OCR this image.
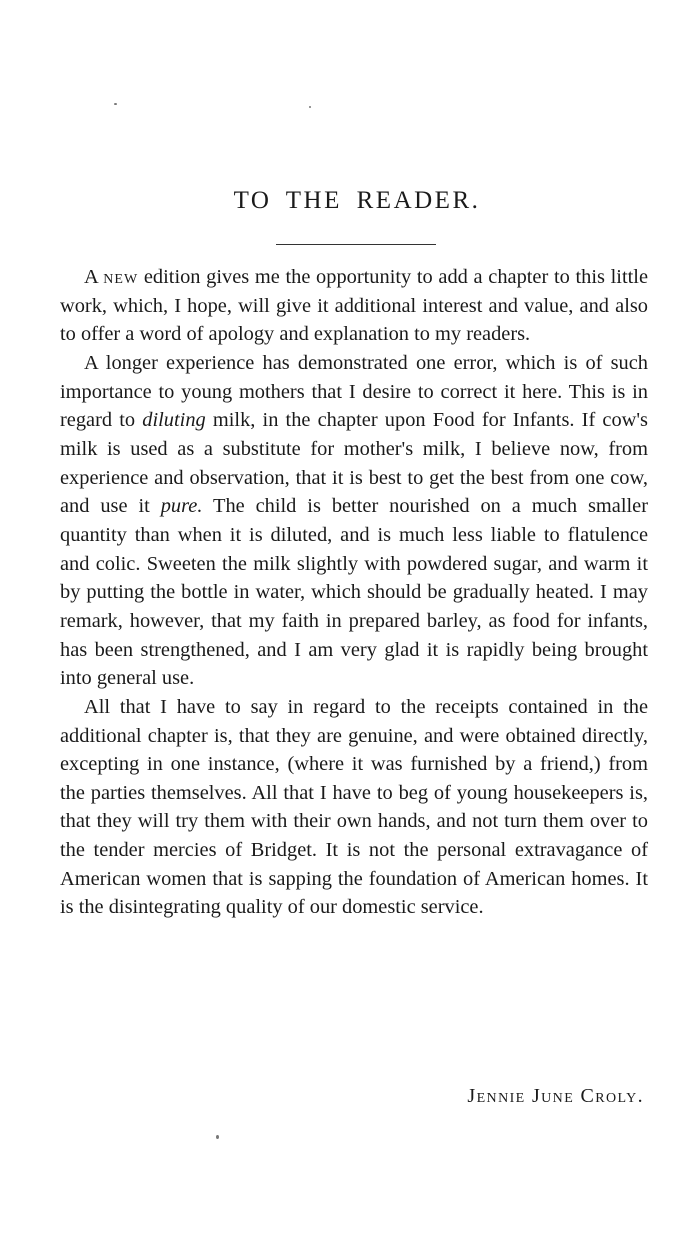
TO THE READER.

A new edition gives me the opportunity to add a chapter to this little work, which, I hope, will give it additional interest and value, and also to offer a word of apology and explanation to my readers.

A longer experience has demonstrated one error, which is of such importance to young mothers that I desire to correct it here. This is in regard to diluting milk, in the chapter upon Food for Infants. If cow's milk is used as a substitute for mother's milk, I believe now, from experience and observation, that it is best to get the best from one cow, and use it pure. The child is better nourished on a much smaller quantity than when it is diluted, and is much less liable to flatulence and colic. Sweeten the milk slightly with powdered sugar, and warm it by putting the bottle in water, which should be gradually heated. I may remark, however, that my faith in prepared barley, as food for infants, has been strengthened, and I am very glad it is rapidly being brought into general use.

All that I have to say in regard to the receipts contained in the additional chapter is, that they are genuine, and were obtained directly, excepting in one instance, (where it was furnished by a friend,) from the parties themselves. All that I have to beg of young housekeepers is, that they will try them with their own hands, and not turn them over to the tender mercies of Bridget. It is not the personal extravagance of American women that is sapping the foundation of American homes. It is the disintegrating quality of our domestic service.

Jennie June Croly.
